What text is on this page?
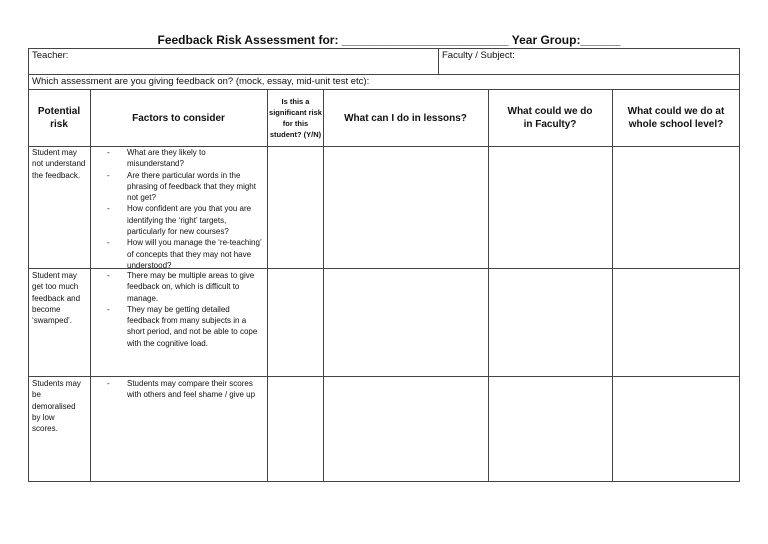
Feedback Risk Assessment for: _________________________ Year Group:______
Teacher:	Faculty / Subject:
Which assessment are you giving feedback on? (mock, essay, mid-unit test etc):
Potential risk
Factors to consider
Is this a significant risk for this student? (Y/N)
What can I do in lessons?
What could we do in Faculty?
What could we do at whole school level?
Student may not understand the feedback.
- What are they likely to misunderstand?
- Are there particular words in the phrasing of feedback that they might not get?
- How confident are you that you are identifying the ‘right’ targets, particularly for new courses?
- How will you manage the ‘re-teaching’ of concepts that they may not have understood?
Student may get too much feedback and become ‘swamped’.
- There may be multiple areas to give feedback on, which is difficult to manage.
- They may be getting detailed feedback from many subjects in a short period, and not be able to cope with the cognitive load.
Students may be demoralised by low scores.
- Students may compare their scores with others and feel shame / give up
